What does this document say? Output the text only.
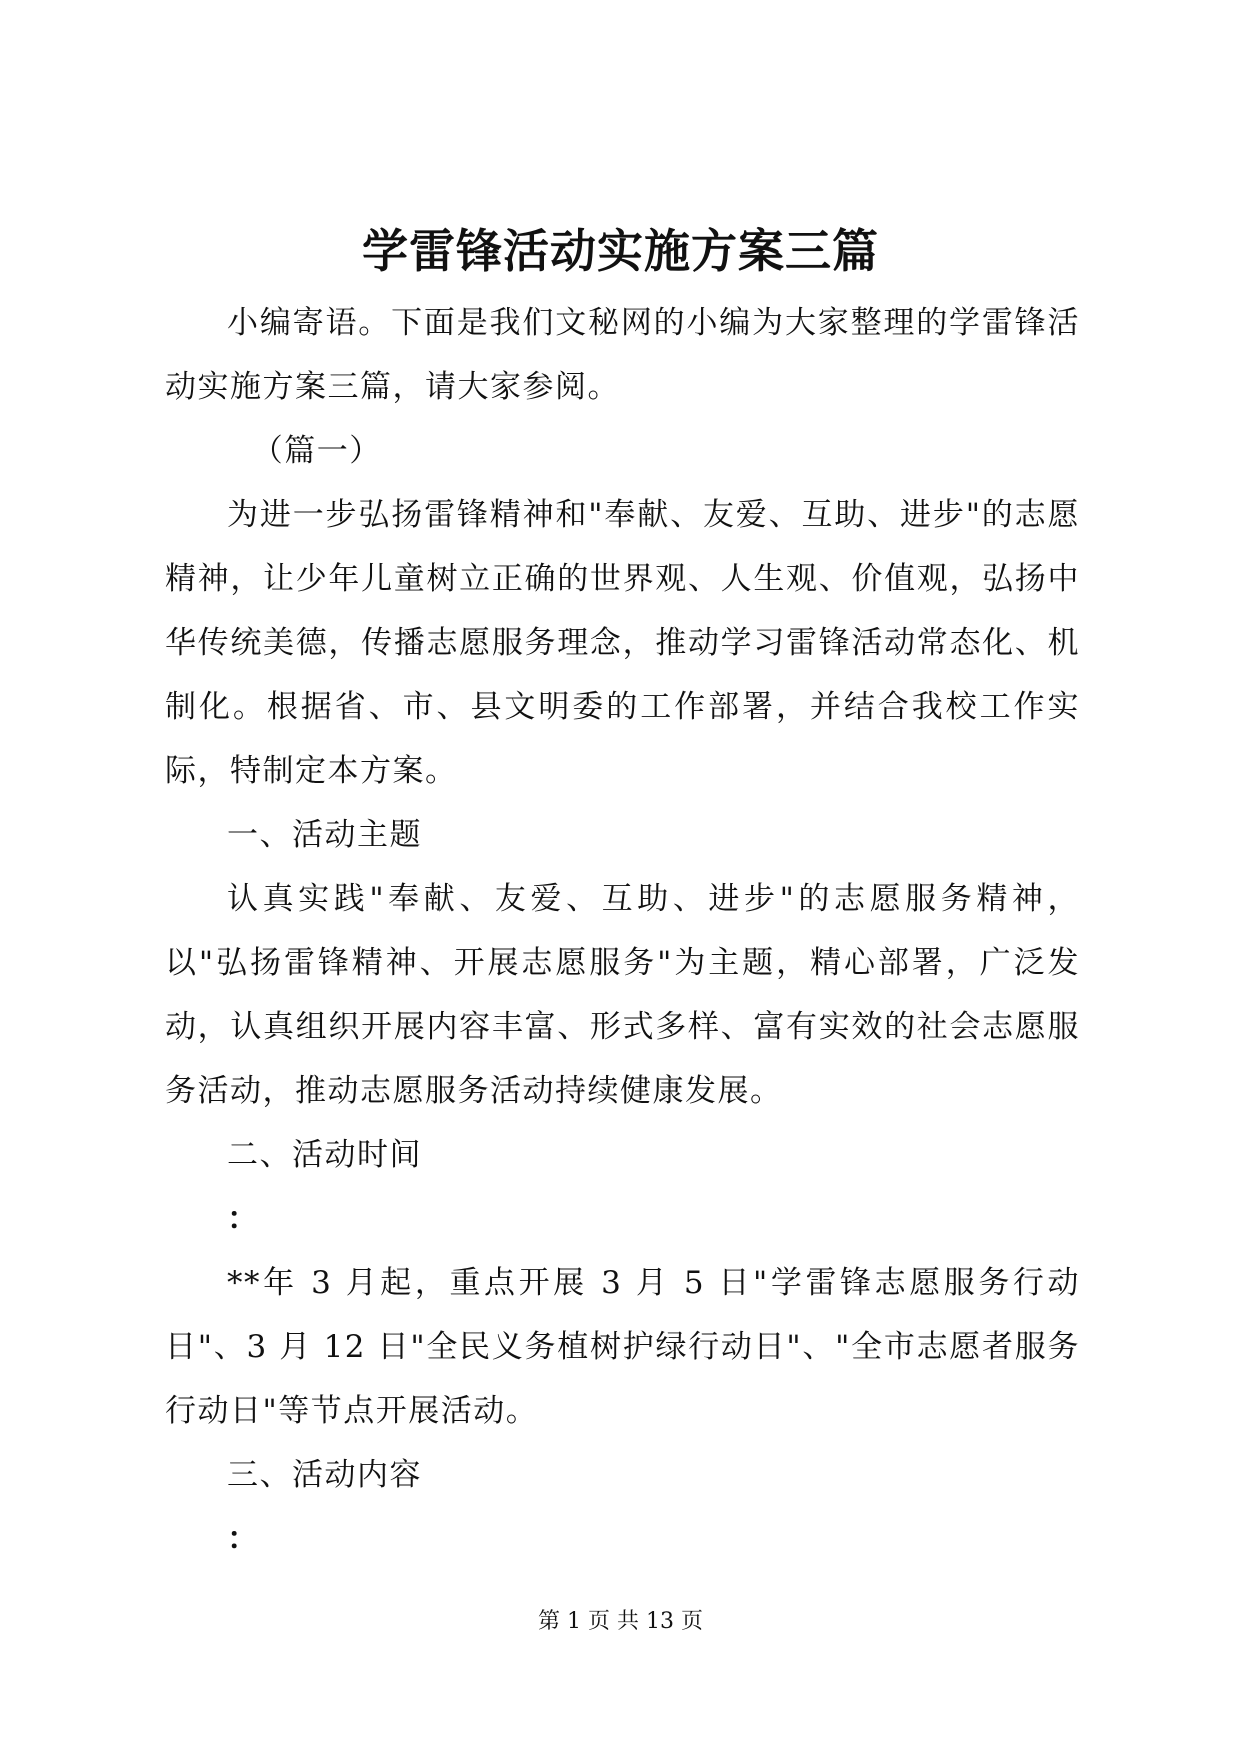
学雷锋活动实施方案三篇

小编寄语。下面是我们文秘网的小编为大家整理的学雷锋活动实施方案三篇，请大家参阅。

（篇一）

为进一步弘扬雷锋精神和"奉献、友爱、互助、进步"的志愿精神，让少年儿童树立正确的世界观、人生观、价值观，弘扬中华传统美德，传播志愿服务理念，推动学习雷锋活动常态化、机制化。根据省、市、县文明委的工作部署，并结合我校工作实际，特制定本方案。

一、活动主题

认真实践"奉献、友爱、互助、进步"的志愿服务精神，以"弘扬雷锋精神、开展志愿服务"为主题，精心部署，广泛发动，认真组织开展内容丰富、形式多样、富有实效的社会志愿服务活动，推动志愿服务活动持续健康发展。

二、活动时间

：

**年 3 月起，重点开展 3 月 5 日"学雷锋志愿服务行动日"、3 月 12 日"全民义务植树护绿行动日"、"全市志愿者服务行动日"等节点开展活动。

三、活动内容

：

第 1 页 共 13 页
